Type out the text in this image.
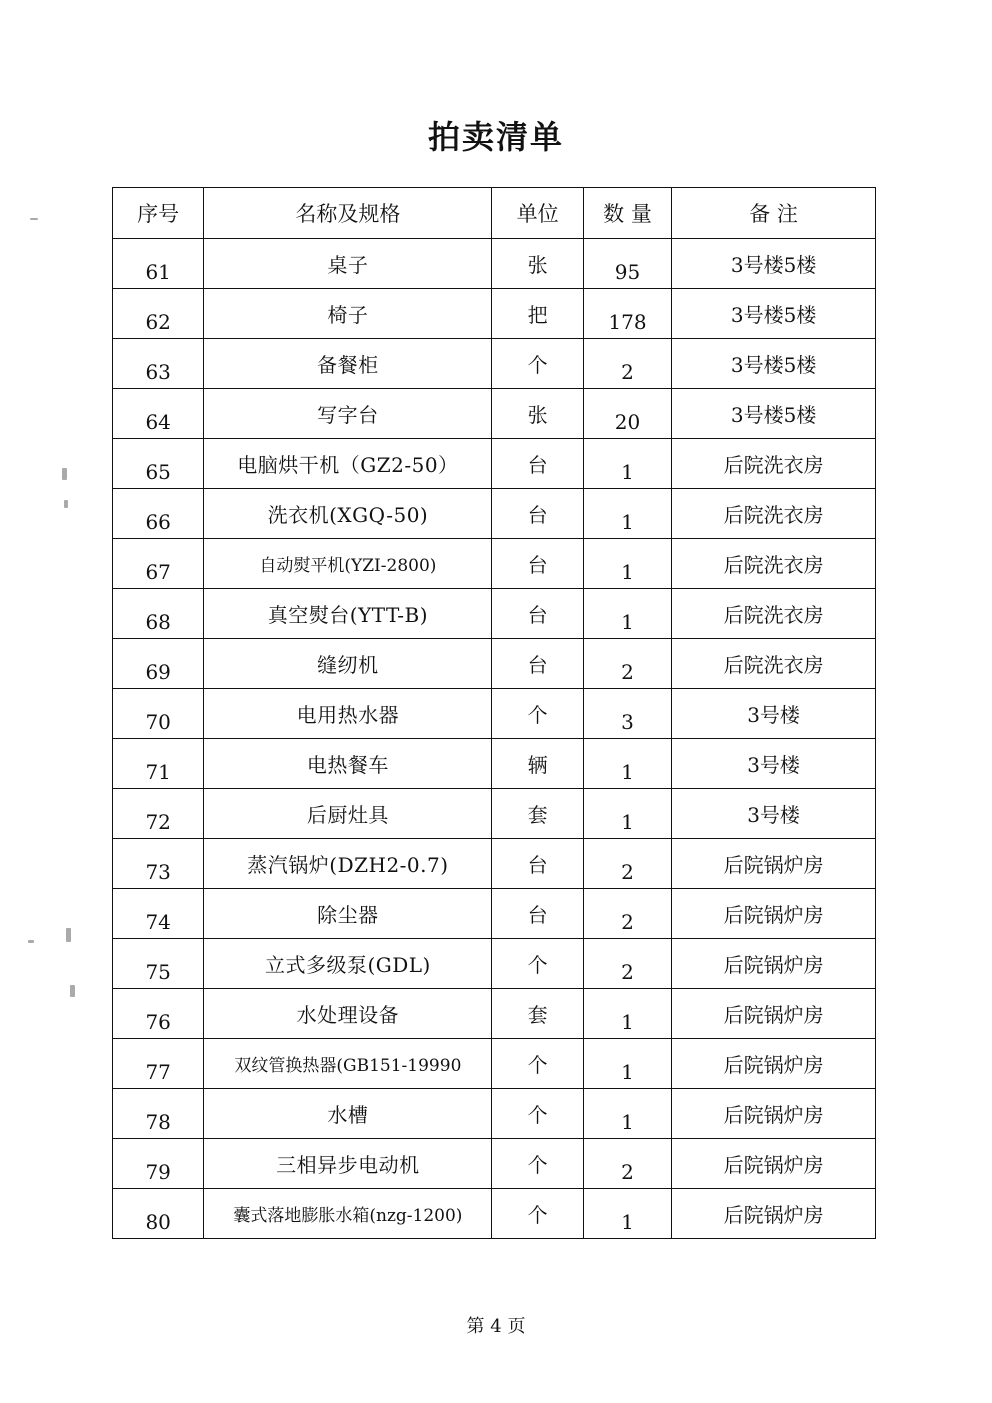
拍卖清单
序号	名称及规格	单位	数 量	备 注
61	桌子	张	95	3号楼5楼
62	椅子	把	178	3号楼5楼
63	备餐柜	个	2	3号楼5楼
64	写字台	张	20	3号楼5楼
65	电脑烘干机（GZ2-50）	台	1	后院洗衣房
66	洗衣机(XGQ-50)	台	1	后院洗衣房
67	自动熨平机(YZI-2800)	台	1	后院洗衣房
68	真空熨台(YTT-B)	台	1	后院洗衣房
69	缝纫机	台	2	后院洗衣房
70	电用热水器	个	3	3号楼
71	电热餐车	辆	1	3号楼
72	后厨灶具	套	1	3号楼
73	蒸汽锅炉(DZH2-0.7)	台	2	后院锅炉房
74	除尘器	台	2	后院锅炉房
75	立式多级泵(GDL)	个	2	后院锅炉房
76	水处理设备	套	1	后院锅炉房
77	双纹管换热器(GB151-19990	个	1	后院锅炉房
78	水槽	个	1	后院锅炉房
79	三相异步电动机	个	2	后院锅炉房
80	囊式落地膨胀水箱(nzg-1200)	个	1	后院锅炉房
第 4 页
